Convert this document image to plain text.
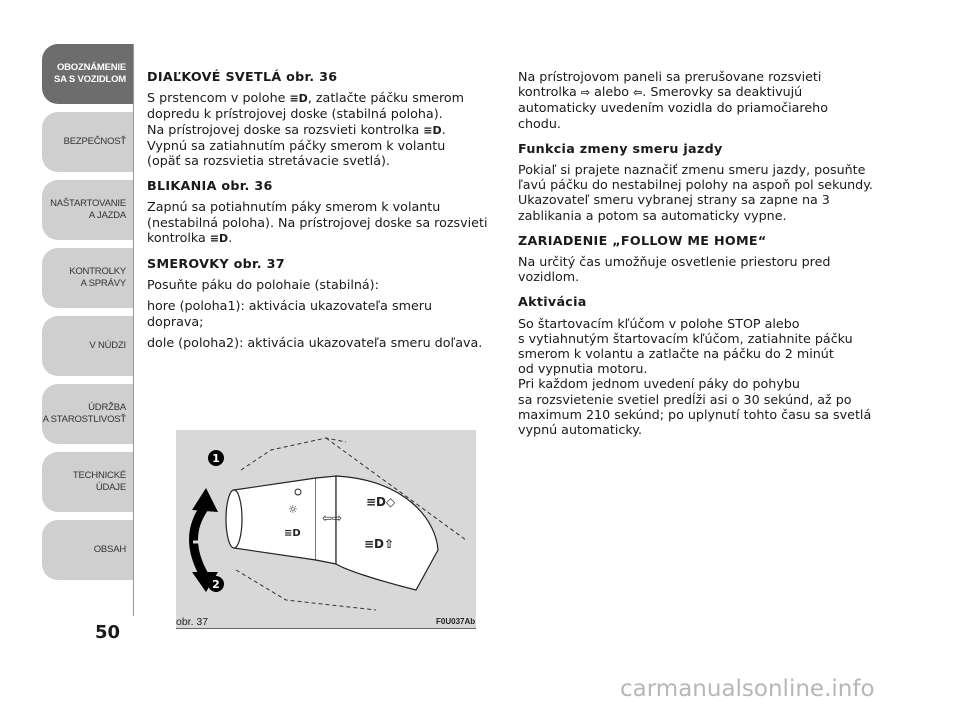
OBOZNÁMENIE
SA S VOZIDLOM
BEZPEČNOSŤ
NAŠTARTOVANIE
A JAZDA
KONTROLKY
A SPRÁVY
V NÚDZI
ÚDRŽBA
A STAROSTLIVOSŤ
TECHNICKÉ
ÚDAJE
OBSAH
50
DIAĽKOVÉ SVETLÁ obr. 36

S prstencom v polohe ≡D, zatlačte páčku smerom

dopredu k prístrojovej doske (stabilná poloha).

Na prístrojovej doske sa rozsvieti kontrolka ≡D.

Vypnú sa zatiahnutím páčky smerom k volantu

(opäť sa rozsvietia stretávacie svetlá).

BLIKANIA obr. 36

Zapnú sa potiahnutím páky smerom k volantu

(nestabilná poloha). Na prístrojovej doske sa rozsvieti

kontrolka ≡D.

SMEROVKY obr. 37

Posuňte páku do polohaie (stabilná):

hore (poloha1): aktivácia ukazovateľa smeru doprava;

dole (poloha2): aktivácia ukazovateľa smeru doľava.

Na prístrojovom paneli sa prerušovane rozsvieti

kontrolka ⇨ alebo ⇦. Smerovky sa deaktivujú

automaticky uvedením vozidla do priamočiareho

chodu.

Funkcia zmeny smeru jazdy

Pokiaľ si prajete naznačiť zmenu smeru jazdy, posuňte

ľavú páčku do nestabilnej polohy na aspoň pol sekundy.

Ukazovateľ smeru vybranej strany sa zapne na 3

zablikania a potom sa automaticky vypne.

ZARIADENIE „FOLLOW ME HOME“

Na určitý čas umožňuje osvetlenie priestoru pred

vozidlom.

Aktivácia

So štartovacím kľúčom v polohe STOP alebo

s vytiahnutým štartovacím kľúčom, zatiahnite páčku

smerom k volantu a zatlačte na páčku do 2 minút

od vypnutia motoru.

Pri každom jednom uvedení páky do pohybu

sa rozsvietenie svetiel predĺži asi o 30 sekúnd, až po

maximum 210 sekúnd; po uplynutí tohto času sa svetlá

vypnú automaticky.

☼
≡D
⇦⇨
≡D◇
≡D⇧
1
2
obr. 37	F0U037Ab
carmanualsonline.info
